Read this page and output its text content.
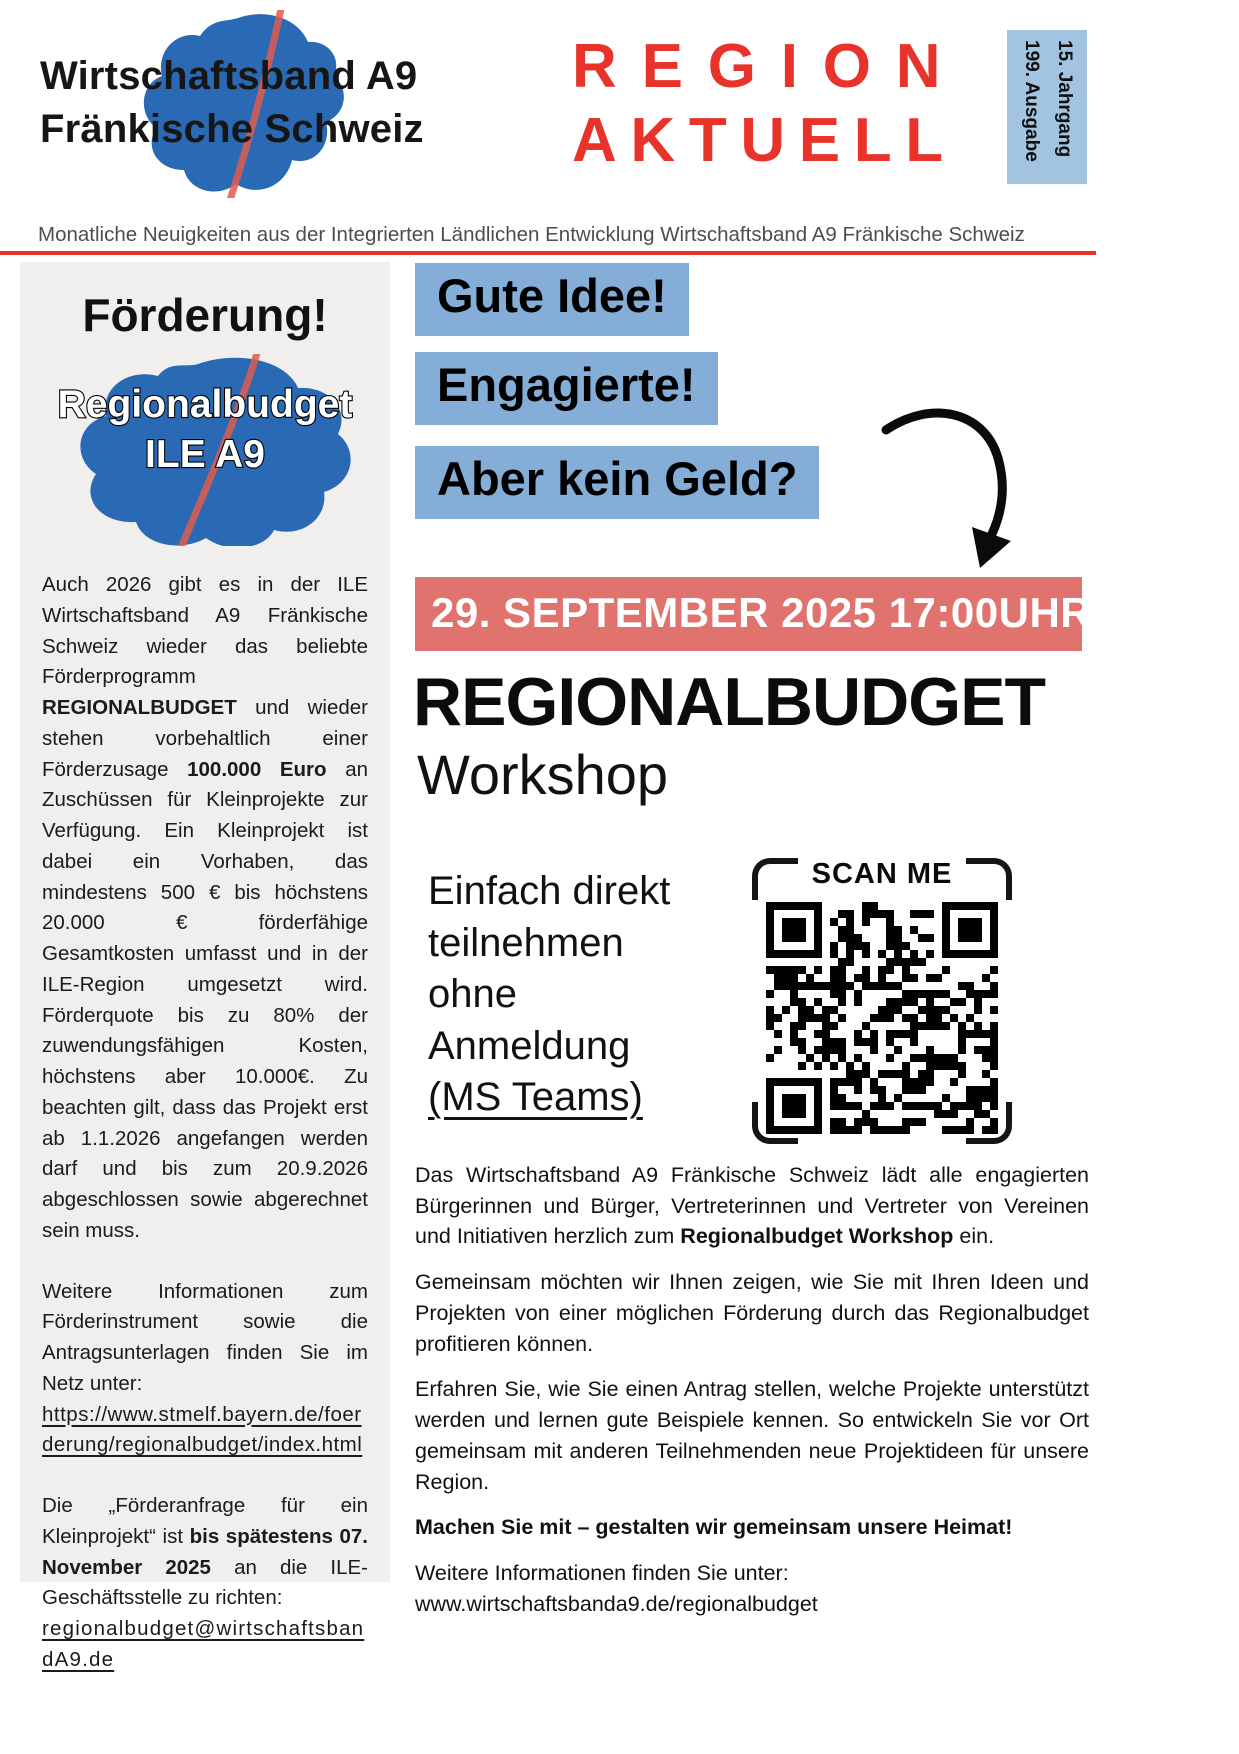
Wirtschaftsband A9
Fränkische Schweiz
REGION
AKTUELL	15. Jahrgang
199. Ausgabe
Monatliche Neuigkeiten aus der Integrierten Ländlichen Entwicklung Wirtschaftsband A9 Fränkische Schweiz
Förderung!
Regionalbudget
ILE A9

Auch 2026 gibt es in der ILE Wirtschaftsband A9 Fränkische Schweiz wieder das beliebte Förderprogramm REGIONALBUDGET und wieder stehen vorbehaltlich einer Förderzusage 100.000 Euro an Zuschüssen für Kleinprojekte zur Verfügung. Ein Kleinprojekt ist dabei ein Vorhaben, das mindestens 500 € bis höchstens 20.000 € förderfähige Gesamtkosten umfasst und in der ILE-Region umgesetzt wird. Förderquote bis zu 80% der zuwendungsfähigen Kosten, höchstens aber 10.000€. Zu beachten gilt, dass das Projekt erst ab 1.1.2026 angefangen werden darf und bis zum 20.9.2026 abgeschlossen sowie abgerechnet sein muss.

Weitere Informationen zum Förderinstrument sowie die Antragsunterlagen finden Sie im Netz unter:
https://www.stmelf.bayern.de/foerderung/regionalbudget/index.html

Die „Förderanfrage für ein Kleinprojekt“ ist bis spätestens 07. November 2025 an die ILE-Geschäftsstelle zu richten:
regionalbudget@wirtschaftsbandA9.de

Gute Idee!
Engagierte!
Aber kein Geld?
29. SEPTEMBER 2025 17:00UHR
REGIONALBUDGET
Workshop
Einfach direkt
teilnehmen
ohne
Anmeldung
(MS Teams)
SCAN ME

Das Wirtschaftsband A9 Fränkische Schweiz lädt alle engagierten Bürgerinnen und Bürger, Vertreterinnen und Vertreter von Vereinen und Initiativen herzlich zum Regionalbudget Workshop ein.

Gemeinsam möchten wir Ihnen zeigen, wie Sie mit Ihren Ideen und Projekten von einer möglichen Förderung durch das Regionalbudget profitieren können.

Erfahren Sie, wie Sie einen Antrag stellen, welche Projekte unterstützt werden und lernen gute Beispiele kennen. So entwickeln Sie vor Ort gemeinsam mit anderen Teilnehmenden neue Projektideen für unsere Region.

Machen Sie mit – gestalten wir gemeinsam unsere Heimat!

Weitere Informationen finden Sie unter:
www.wirtschaftsbanda9.de/regionalbudget
